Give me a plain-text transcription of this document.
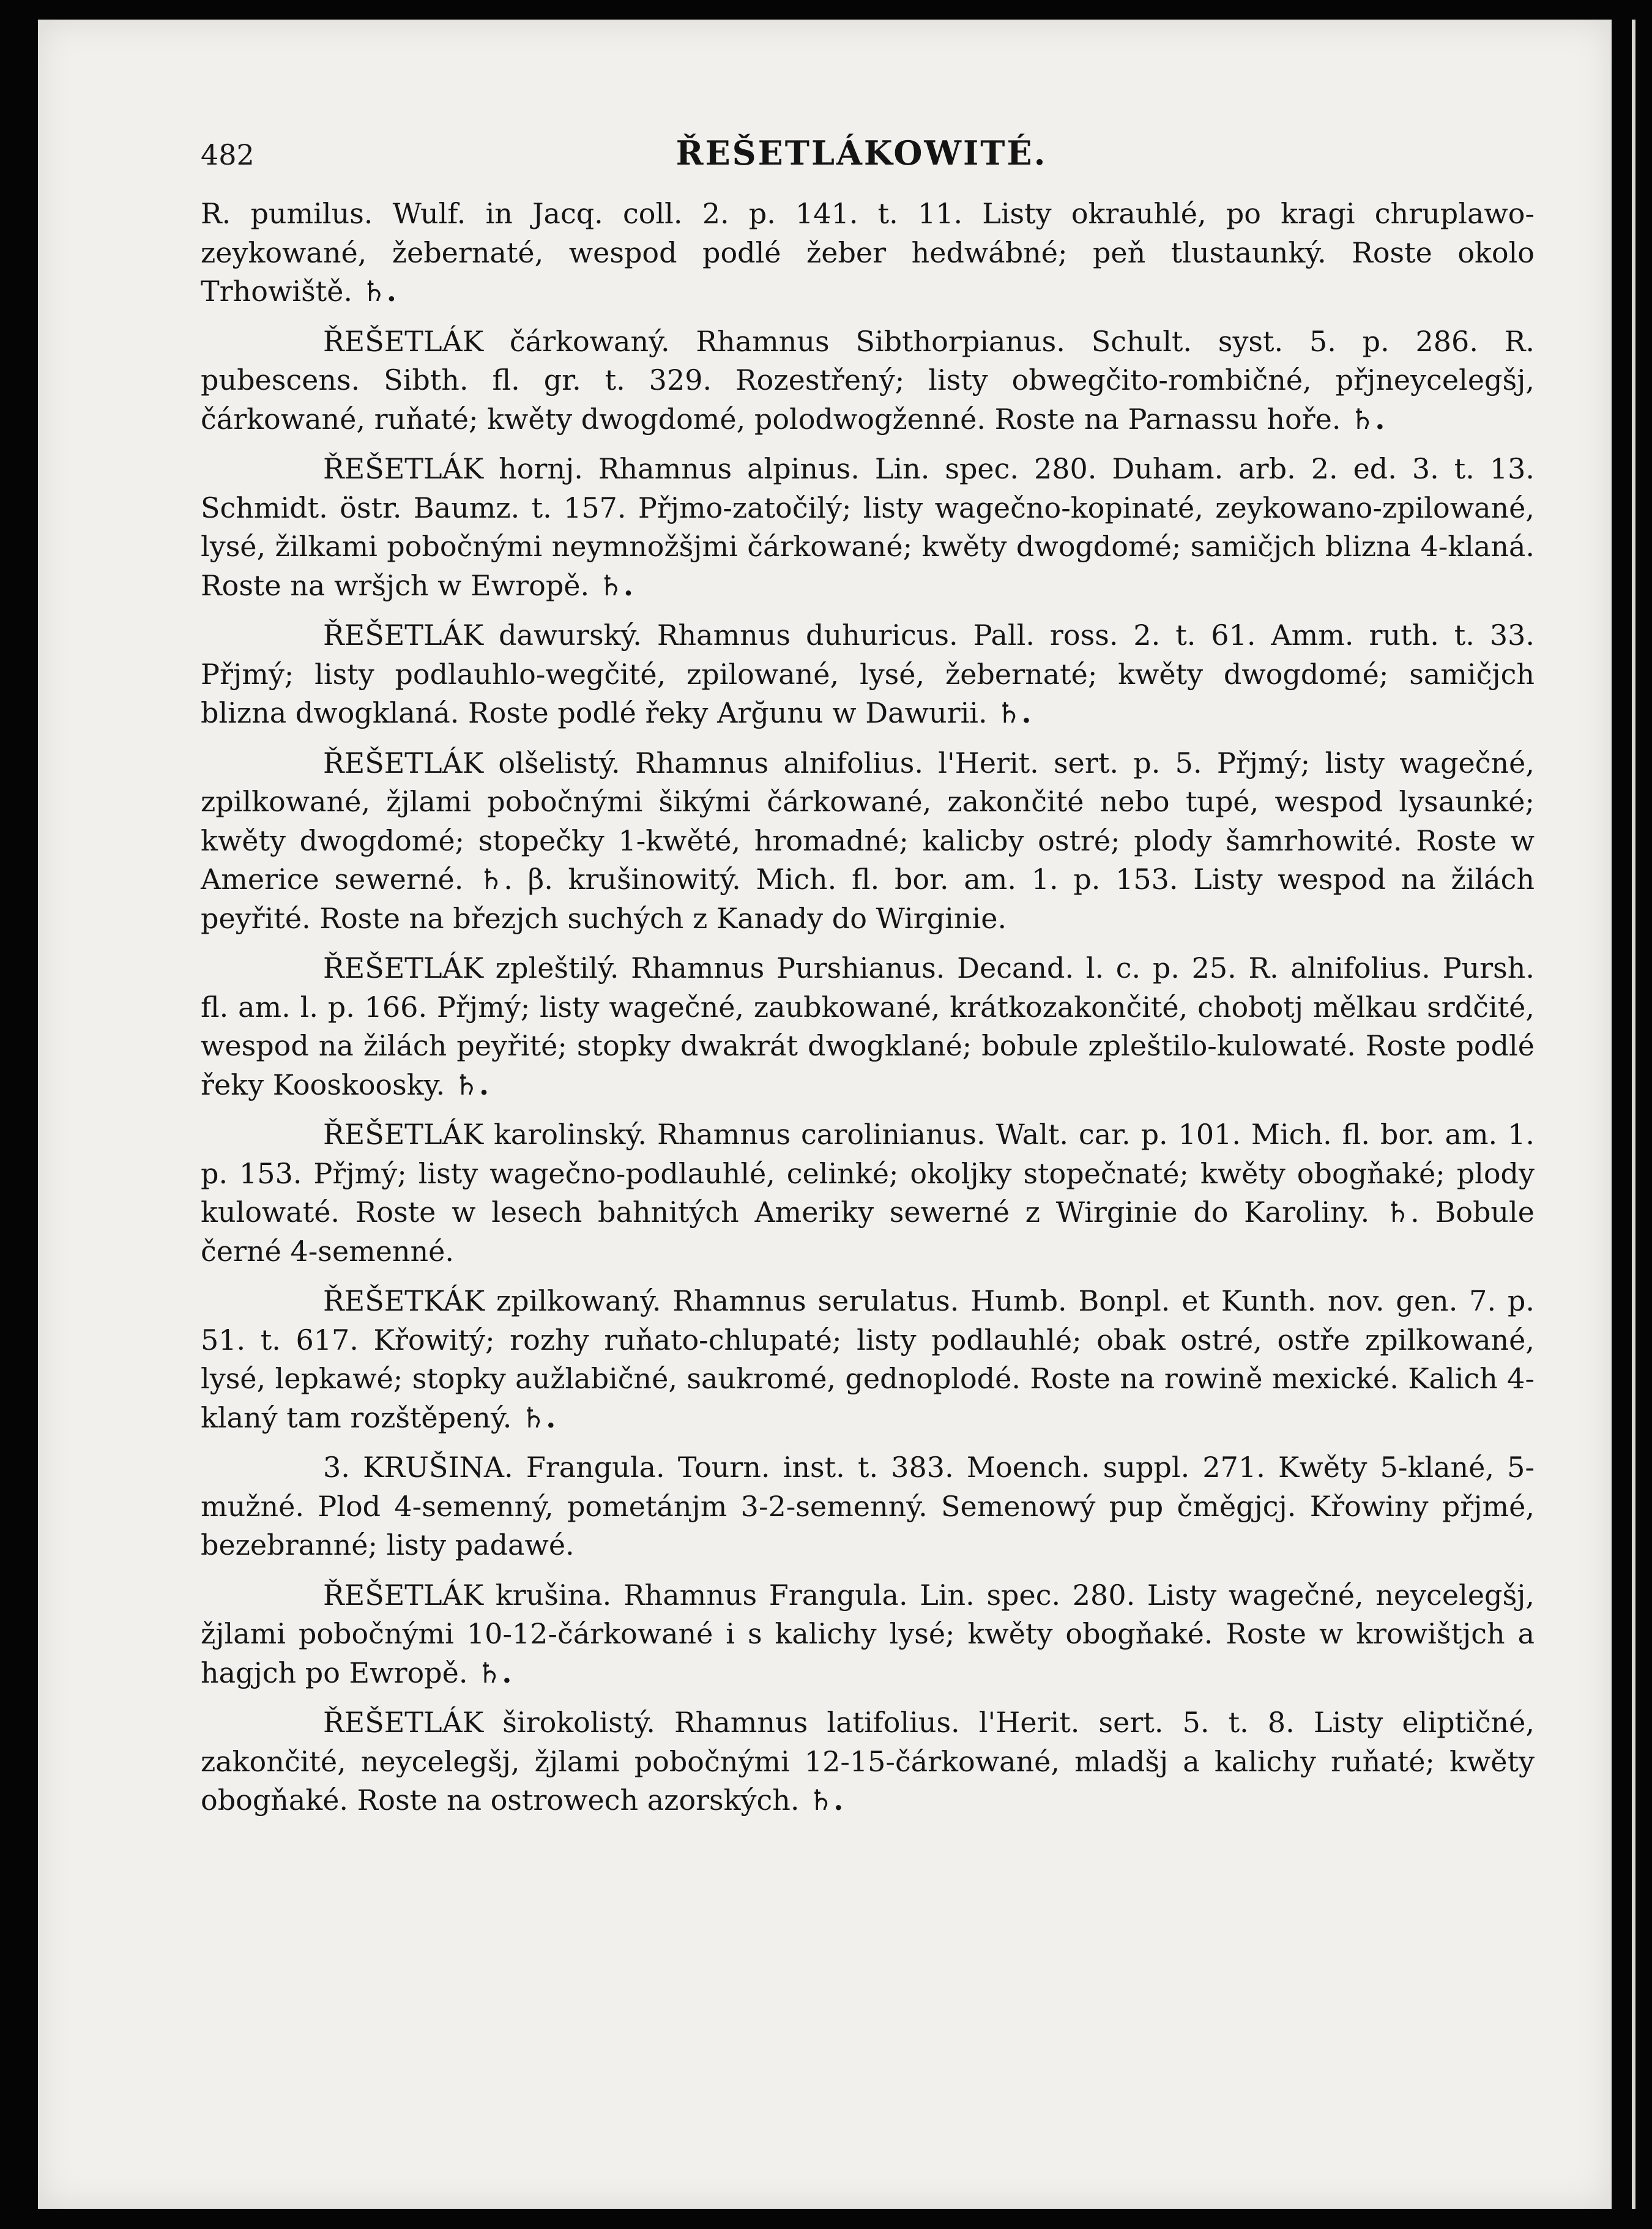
482	ŘEŠETLÁKOWITÉ.

R. pumilus. Wulf. in Jacq. coll. 2. p. 141. t. 11. Listy okrauhlé, po kragi chruplawo-zeykowané, žebernaté, wespod podlé žeber hedwábné; peň tlustaunký. Roste okolo Trhowiště. ♄.

ŘEŠETLÁK čárkowaný. Rhamnus Sibthorpianus. Schult. syst. 5. p. 286. R. pubescens. Sibth. fl. gr. t. 329. Rozestřený; listy obwegčito-rombičné, přjneycelegšj, čárkowané, ruňaté; kwěty dwogdomé, polodwogženné. Roste na Parnassu hoře. ♄.

ŘEŠETLÁK hornj. Rhamnus alpinus. Lin. spec. 280. Duham. arb. 2. ed. 3. t. 13. Schmidt. östr. Baumz. t. 157. Přjmo-zatočilý; listy wagečno-kopinaté, zeykowano-zpilowané, lysé, žilkami pobočnými neymnožšjmi čárkowané; kwěty dwogdomé; samičjch blizna 4-klaná. Roste na wršjch w Ewropě. ♄.

ŘEŠETLÁK dawurský. Rhamnus duhuricus. Pall. ross. 2. t. 61. Amm. ruth. t. 33. Přjmý; listy podlauhlo-wegčité, zpilowané, lysé, žebernaté; kwěty dwogdomé; samičjch blizna dwogklaná. Roste podlé řeky Arğunu w Dawurii. ♄.

ŘEŠETLÁK olšelistý. Rhamnus alnifolius. l'Herit. sert. p. 5. Přjmý; listy wagečné, zpilkowané, žjlami pobočnými šikými čárkowané, zakončité nebo tupé, wespod lysaunké; kwěty dwogdomé; stopečky 1-kwěté, hromadné; kalicby ostré; plody šamrhowité. Roste w Americe sewerné. ♄. β. krušinowitý. Mich. fl. bor. am. 1. p. 153. Listy wespod na žilách peyřité. Roste na březjch suchých z Kanady do Wirginie.

ŘEŠETLÁK zpleštilý. Rhamnus Purshianus. Decand. l. c. p. 25. R. alnifolius. Pursh. fl. am. l. p. 166. Přjmý; listy wagečné, zaubkowané, krátkozakončité, chobotj mělkau srdčité, wespod na žilách peyřité; stopky dwakrát dwogklané; bobule zpleštilo-kulowaté. Roste podlé řeky Kooskoosky. ♄.

ŘEŠETLÁK karolinský. Rhamnus carolinianus. Walt. car. p. 101. Mich. fl. bor. am. 1. p. 153. Přjmý; listy wagečno-podlauhlé, celinké; okoljky stopečnaté; kwěty obogňaké; plody kulowaté. Roste w lesech bahnitých Ameriky sewerné z Wirginie do Karoliny. ♄. Bobule černé 4-semenné.

ŘEŠETKÁK zpilkowaný. Rhamnus serulatus. Humb. Bonpl. et Kunth. nov. gen. 7. p. 51. t. 617. Křowitý; rozhy ruňato-chlupaté; listy podlauhlé; obak ostré, ostře zpilkowané, lysé, lepkawé; stopky aužlabičné, saukromé, gednoplodé. Roste na rowině mexické. Kalich 4-klaný tam rozštěpený. ♄.

3. KRUŠINA. Frangula. Tourn. inst. t. 383. Moench. suppl. 271. Kwěty 5-klané, 5-mužné. Plod 4-semenný, pometánjm 3-2-semenný. Semenowý pup čměgjcj. Křowiny přjmé, bezebranné; listy padawé.

ŘEŠETLÁK krušina. Rhamnus Frangula. Lin. spec. 280. Listy wagečné, neycelegšj, žjlami pobočnými 10-12-čárkowané i s kalichy lysé; kwěty obogňaké. Roste w krowištjch a hagjch po Ewropě. ♄.

ŘEŠETLÁK širokolistý. Rhamnus latifolius. l'Herit. sert. 5. t. 8. Listy eliptičné, zakončité, neycelegšj, žjlami pobočnými 12-15-čárkowané, mladšj a kalichy ruňaté; kwěty obogňaké. Roste na ostrowech azorských. ♄.
